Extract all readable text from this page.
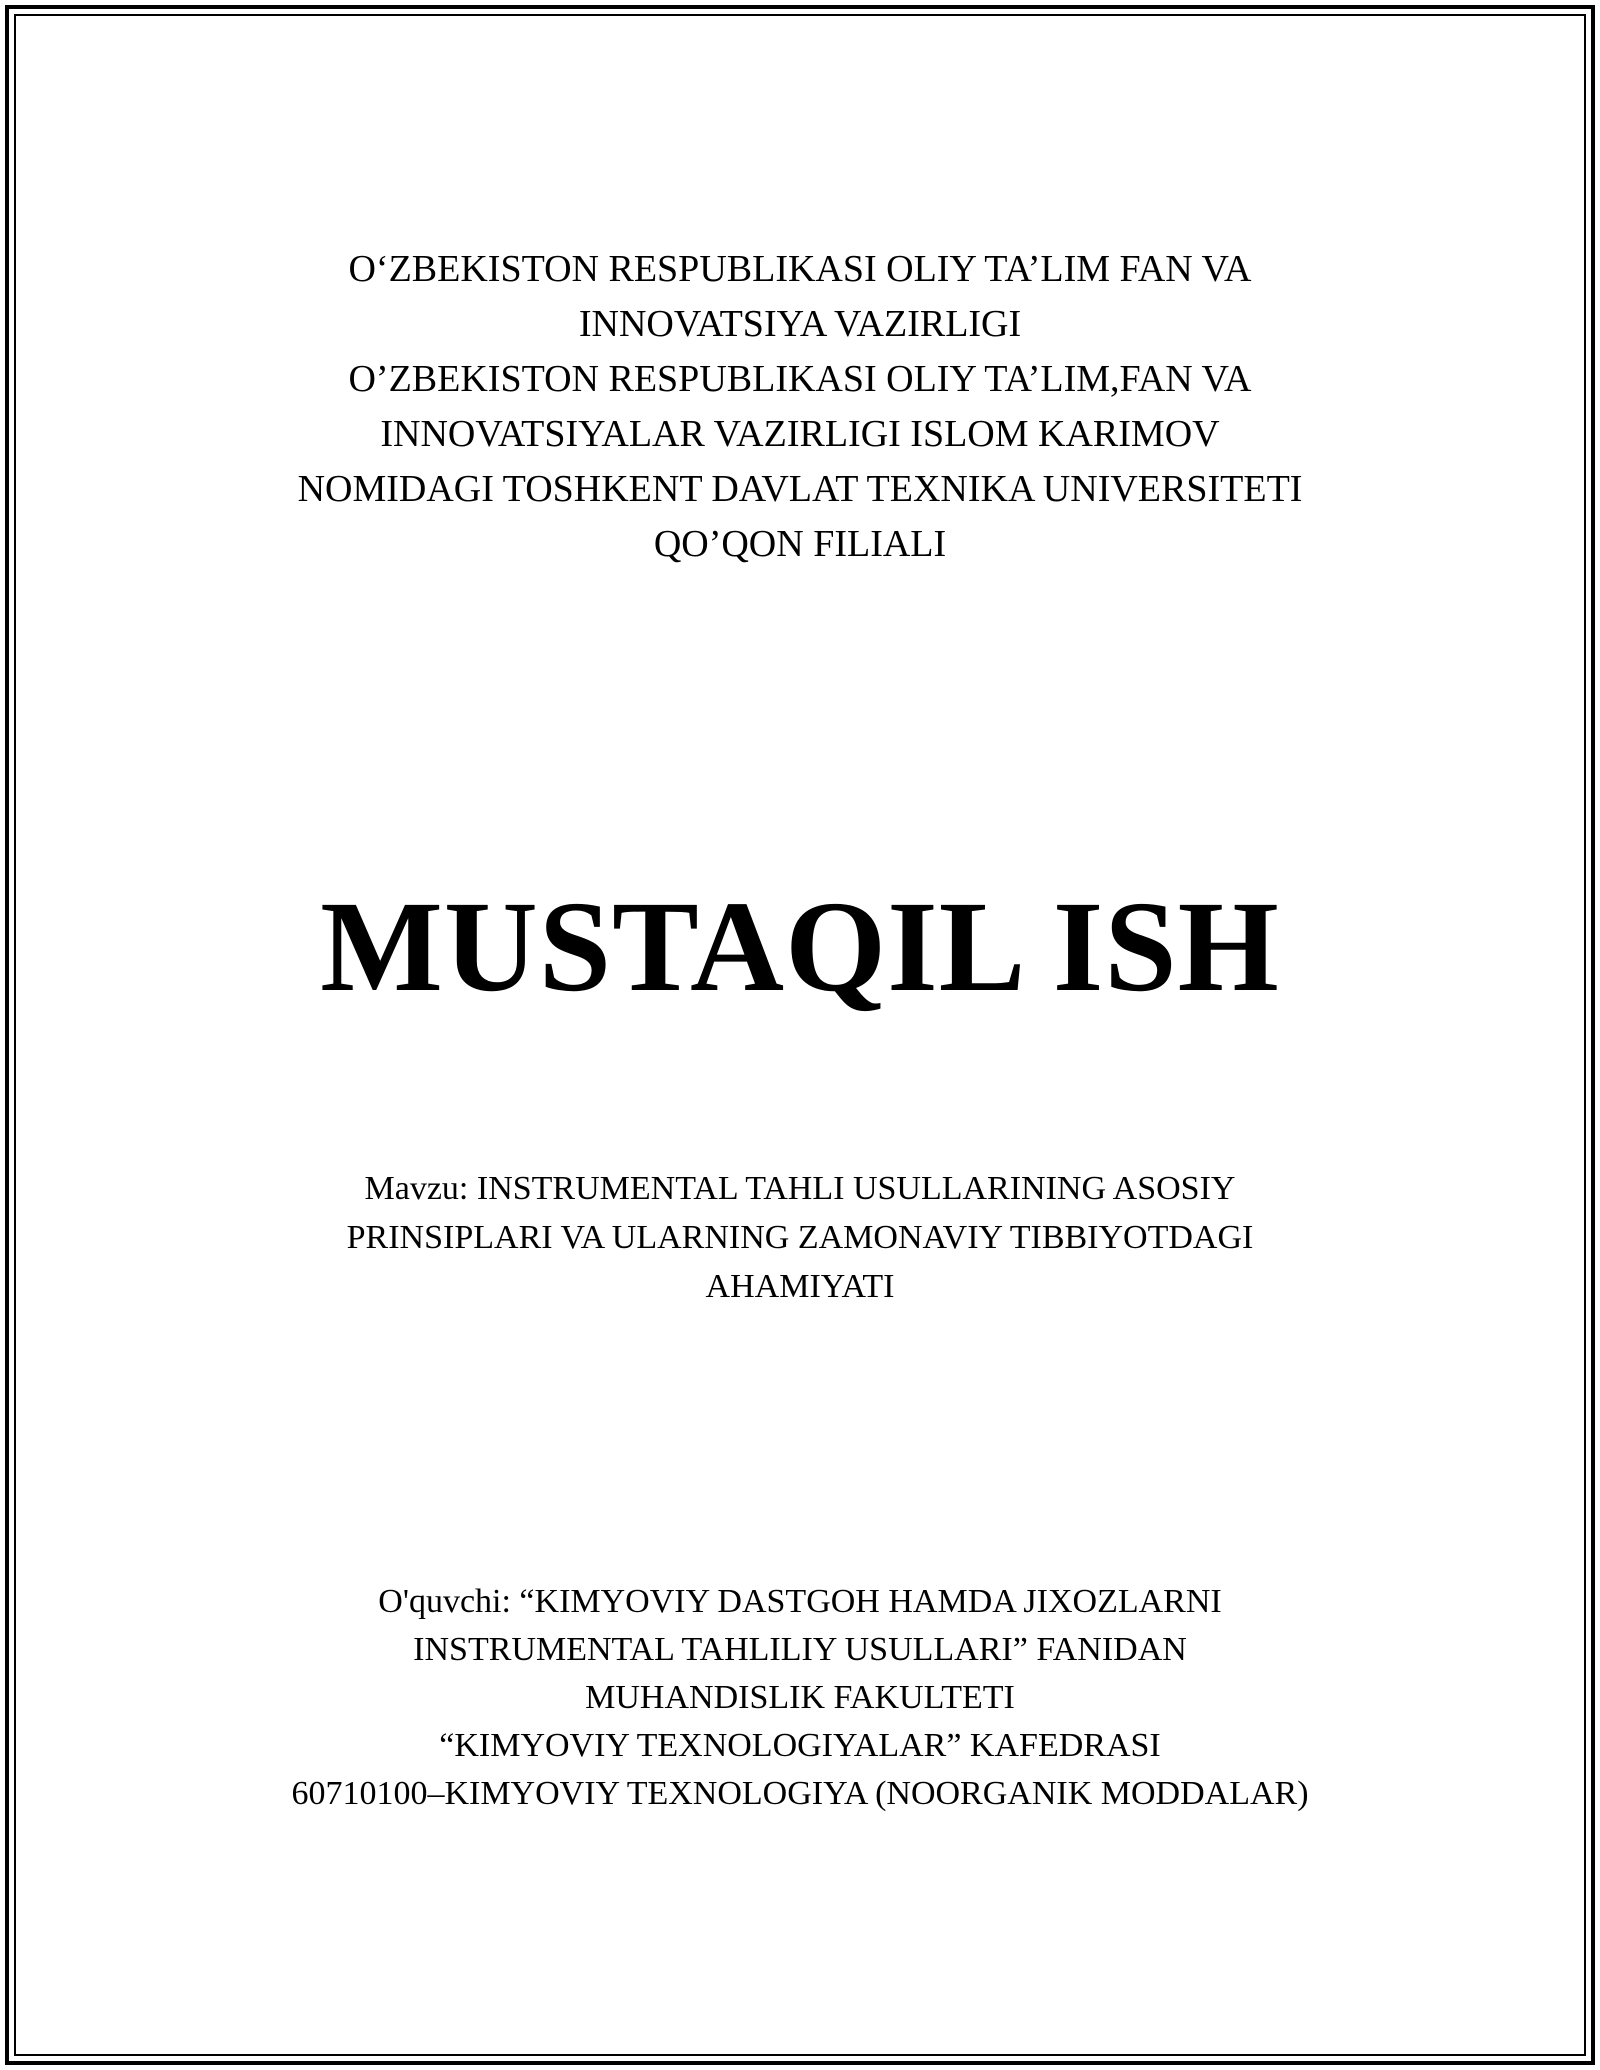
O‘ZBEKISTON RESPUBLIKASI OLIY TA’LIM FAN VA
INNOVATSIYA VAZIRLIGI
O’ZBEKISTON RESPUBLIKASI OLIY TA’LIM,FAN VA
INNOVATSIYALAR VAZIRLIGI ISLOM KARIMOV
NOMIDAGI TOSHKENT DAVLAT TEXNIKA UNIVERSITETI
QO’QON FILIALI
MUSTAQIL ISH
Mavzu: INSTRUMENTAL TAHLI USULLARINING ASOSIY
PRINSIPLARI VA ULARNING ZAMONAVIY TIBBIYOTDAGI
AHAMIYATI
O'quvchi: “KIMYOVIY DASTGOH HAMDA JIXOZLARNI
INSTRUMENTAL TAHLILIY USULLARI” FANIDAN
MUHANDISLIK FAKULTETI
“KIMYOVIY TEXNOLOGIYALAR” KAFEDRASI
60710100–KIMYOVIY TEXNOLOGIYA (NOORGANIK MODDALAR)
